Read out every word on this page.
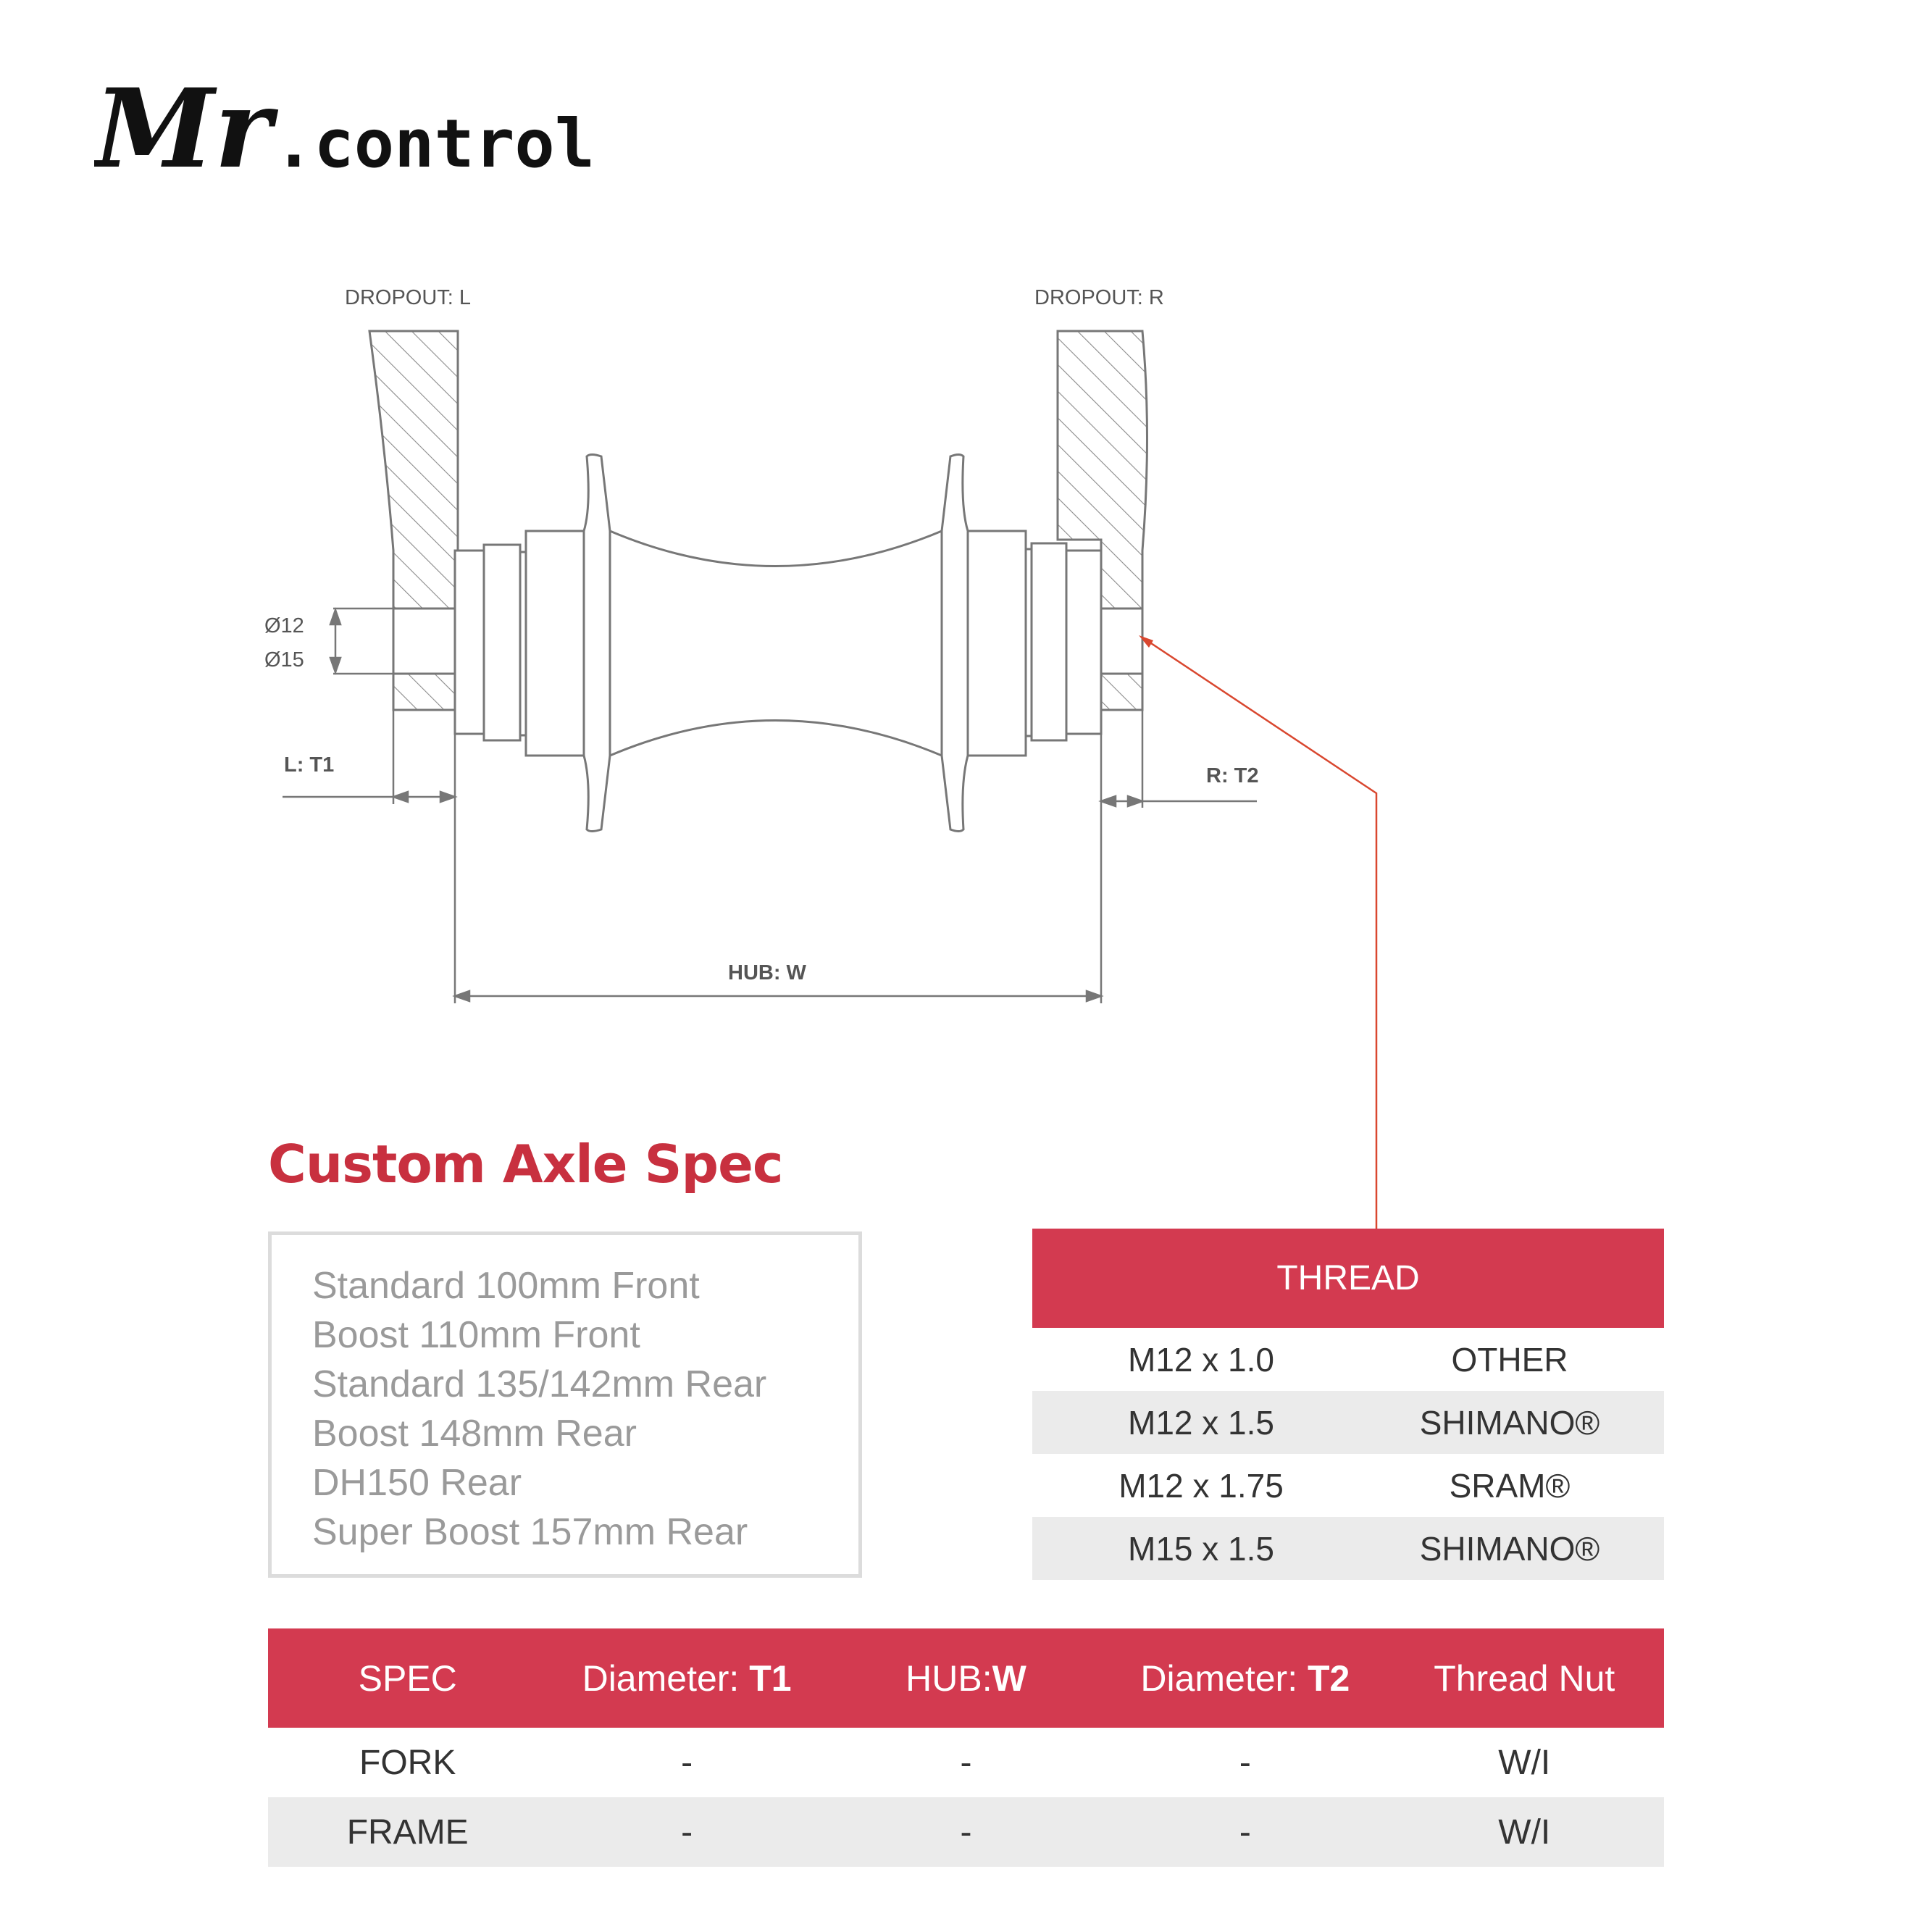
Mr .control
DROPOUT: L	DROPOUT: R
Ø12
Ø15
L: T1	R: T2
HUB: W
Custom Axle Spec
Standard 100mm Front
Boost 110mm Front
Standard 135/142mm Rear
Boost 148mm Rear
DH150 Rear
Super Boost 157mm Rear
THREAD
M12 x 1.0	OTHER
M12 x 1.5	SHIMANO®
M12 x 1.75	SRAM®
M15 x 1.5	SHIMANO®
SPEC	Diameter: T1	HUB:W	Diameter: T2	Thread Nut
FORK	-	-	-	W/I
FRAME	-	-	-	W/I
